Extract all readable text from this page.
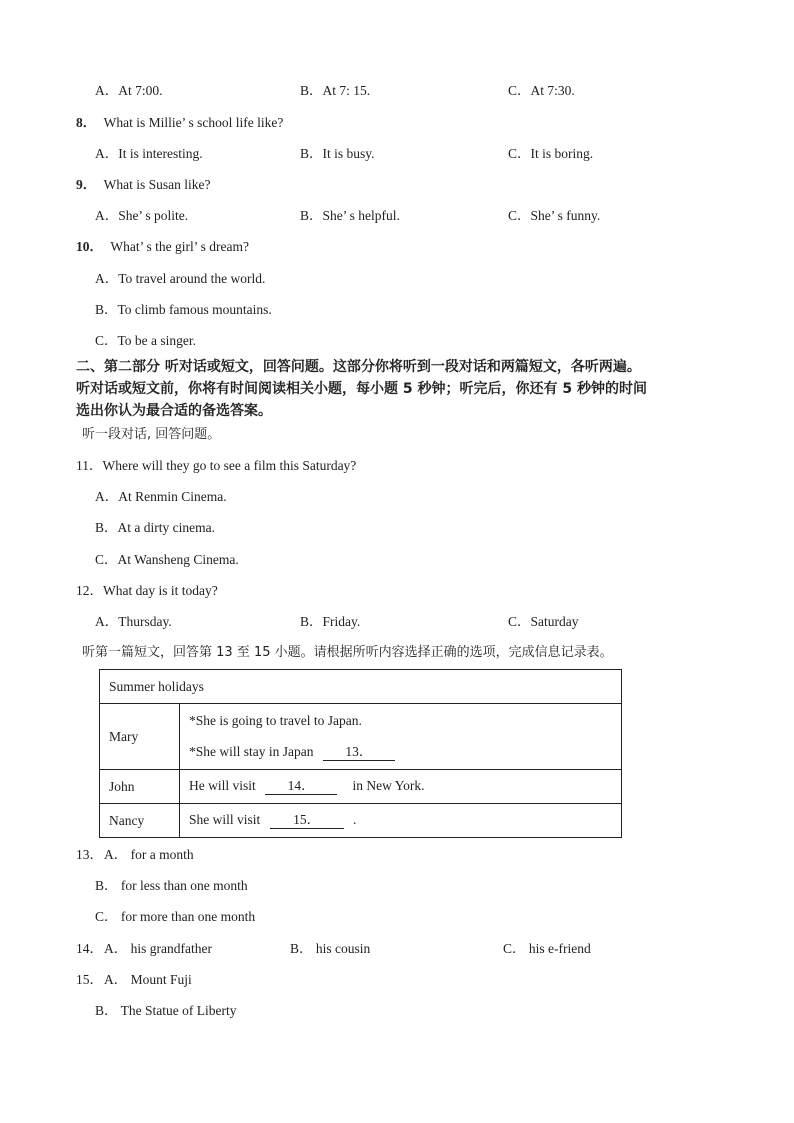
A．At 7:00.	B．At 7: 15.	C．At 7:30.
8． What is Millie’ s school life like?
A．It is interesting.	B．It is busy.	C．It is boring.
9． What is Susan like?
A．She’ s polite.	B．She’ s helpful.	C．She’ s funny.
10． What’ s the girl’ s dream?
A．To travel around the world.
B．To climb famous mountains.
C．To be a singer.
二、第二部分 听对话或短文，回答问题。这部分你将听到一段对话和两篇短文，各听两遍。
听对话或短文前，你将有时间阅读相关小题，每小题 5 秒钟；听完后，你还有 5 秒钟的时间
选出你认为最合适的备选答案。
听一段对话, 回答问题。
11．Where will they go to see a film this Saturday?
A．At Renmin Cinema.
B．At a dirty cinema.
C．At Wansheng Cinema.
12．What day is it today?
A．Thursday.	B．Friday.	C．Saturday
听第一篇短文，回答第 13 至 15 小题。请根据所听内容选择正确的选项，完成信息记录表。
Summer holidays	
Mary	*She is going to travel to Japan.
*She will stay in Japan 13．

John	He will visit 14． in New York.
Nancy	She will visit 15． .
13． A． for a month
B． for less than one month
C． for more than one month
14． A． his grandfather	B． his cousin	C． his e-friend
15． A． Mount Fuji
B． The Statue of Liberty
